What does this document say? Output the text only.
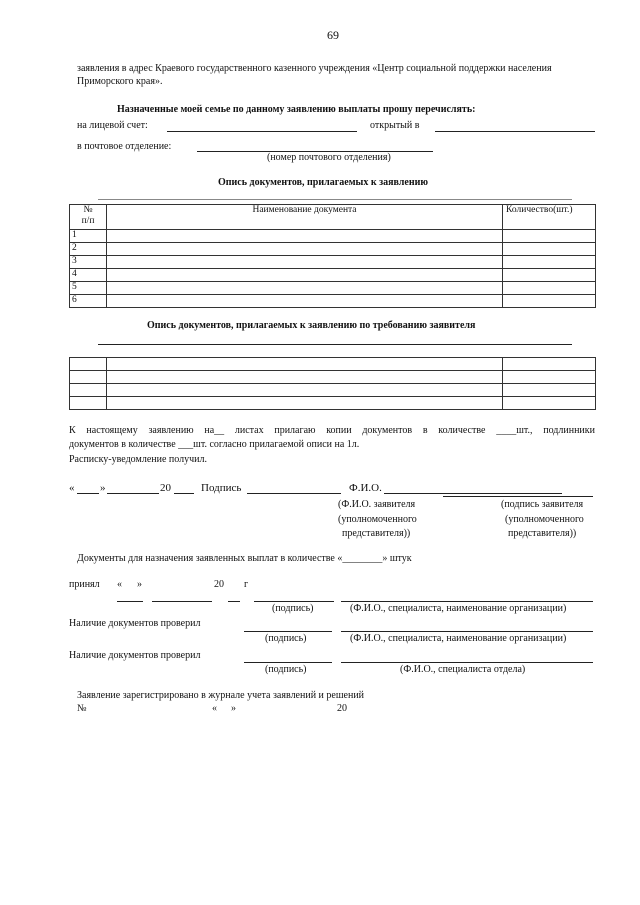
69
заявления в адрес Краевого государственного казенного учреждения «Центр социальной поддержки населения
Приморского края».
Назначенные моей семье по данному заявлению выплаты прошу перечислять:
на лицевой счет:	открытый в
в почтовое отделение:
(номер почтового отделения)
Опись документов, прилагаемых к заявлению
№
п/п	Наименование документа	Количество(шт.)
1		
2		
3		
4		
5		
6		
Опись документов, прилагаемых к заявлению по требованию заявителя

К настоящему заявлению на__ листах прилагаю копии документов в количестве ____шт., подлинники
документов в количестве ___шт. согласно прилагаемой описи на 1л.
Расписку-уведомление получил.
« »	20	Подпись	Ф.И.О.
(Ф.И.О. заявителя
(уполномоченного
представителя))
(подпись заявителя
(уполномоченного
представителя))
Документы для назначения заявленных выплат в количестве «________» штук
принял « »	20 г
(подпись)	(Ф.И.О., специалиста, наименование организации)
Наличие документов проверил
(подпись)	(Ф.И.О., специалиста, наименование организации)
Наличие документов проверил
(подпись)	(Ф.И.О., специалиста отдела)
Заявление зарегистрировано в журнале учета заявлений и решений
№	« »	20
